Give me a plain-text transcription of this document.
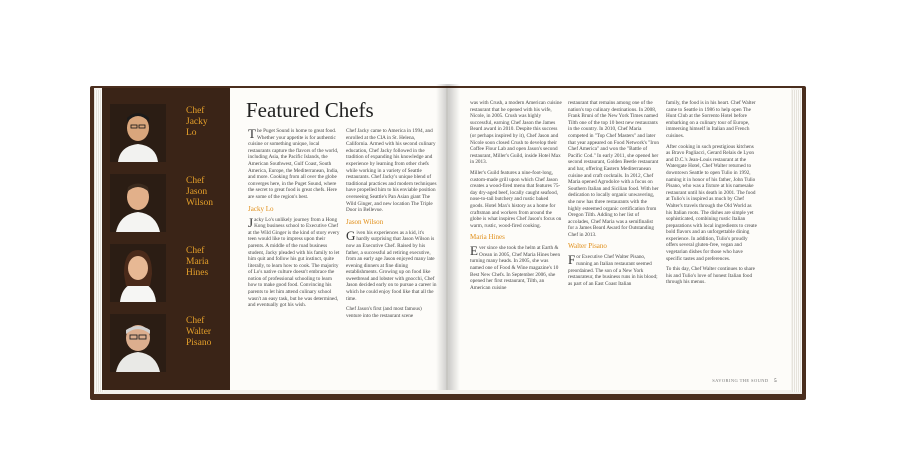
Chef
Jacky
Lo
Chef
Jason
Wilson
Chef
Maria
Hines
Chef
Walter
Pisano
Featured Chefs

The Puget Sound is home to great food. Whether your appetite is for authentic cuisine or something unique, local restaurants capture the flavors of the world, including Asia, the Pacific Islands, the American Southwest, Gulf Coast, South America, Europe, the Mediterranean, India, and more. Cooking from all over the globe converges here, in the Puget Sound, where the secret to great food is great chefs. Here are some of the region's best.

Jacky Lo

Jacky Lo's unlikely journey from a Hong Kong business school to Executive Chef at the Wild Ginger is the kind of story every teen would like to impress upon their parents. A middle of the road business student, Jacky pleaded with his family to let him quit and follow his gut instinct, quite literally, to learn how to cook. The majority of Lo's native culture doesn't embrace the notion of professional schooling to learn how to make good food. Convincing his parents to let him attend culinary school wasn't an easy task, but he was determined, and eventually got his wish.

Chef Jacky came to America in 1994, and enrolled at the CIA in St. Helena, California. Armed with his second culinary education, Chef Jacky followed in the tradition of expanding his knowledge and experience by learning from other chefs while working in a variety of Seattle restaurants. Chef Jacky's unique blend of traditional practices and modern techniques have propelled him to his enviable position overseeing Seattle's Pan Asian giant The Wild Ginger, and new location The Triple Door in Bellevue.

Jason Wilson

Given his experiences as a kid, it's hardly surprising that Jason Wilson is now an Executive Chef. Raised by his father, a successful ad retiring executive, from an early age Jason enjoyed many late evening dinners at fine dining establishments. Growing up on food like sweetbread and lobster with gnocchi, Chef Jason decided early on to pursue a career in which he could enjoy food like that all the time.

Chef Jason's first (and most famous) venture into the restaurant scene

was with Crush, a modern American cuisine restaurant that he opened with his wife, Nicole, in 2005. Crush was highly successful, earning Chef Jason the James Beard award in 2010. Despite this success (or perhaps inspired by it), Chef Jason and Nicole soon closed Crush to develop their Coffee Flour Lab and open Jason's second restaurant, Miller's Guild, inside Hotel Max in 2013.

Miller's Guild features a nine-foot-long, custom-made grill upon which Chef Jason creates a wood-fired menu that features 75-day dry-aged beef, locally caught seafood, nose-to-tail butchery and rustic baked goods. Hotel Max's history as a home for craftsman and workers from around the globe is what inspires Chef Jason's focus on warm, rustic, wood-fired cooking.

Maria Hines

Ever since she took the helm at Earth & Ocean in 2005, Chef Maria Hines been turning many heads. In 2005, she was named one of Food & Wine magazine's 10 Best New Chefs. In September 2006, she opened her first restaurant, Tilth, an American cuisine

restaurant that remains among one of the nation's top culinary destinations. In 2008, Frank Bruni of the New York Times named Tilth one of the top 10 best new restaurants in the country. In 2010, Chef Maria competed in "Top Chef Masters" and later that year appeared on Food Network's "Iron Chef America" and won the "Battle of Pacific Cod." In early 2011, she opened her second restaurant, Golden Beetle restaurant and bar, offering Eastern Mediterranean cuisine and craft cocktails. In 2012, Chef Maria opened Agrodolce with a focus on Southern Italian and Sicilian food. With her dedication to locally organic unwavering, she now has three restaurants with the highly esteemed organic certification from Oregon Tilth. Adding to her list of accolades, Chef Maria was a semifinalist for a James Beard Award for Outstanding Chef in 2013.

Walter Pisano

For Executive Chef Walter Pisano, running an Italian restaurant seemed preordained. The son of a New York restaurateur, the business runs in his blood; as part of an East Coast Italian

family, the food is in his heart. Chef Walter came to Seattle in 1986 to help open The Hunt Club at the Sorrento Hotel before embarking on a culinary tour of Europe, immersing himself in Italian and French cuisines.

After cooking in such prestigious kitchens as Bravo Pagliacci, Gerard Relais de Lyon and D.C.'s Jean-Louis restaurant at the Watergate Hotel, Chef Walter returned to downtown Seattle to open Tulio in 1992, naming it in honor of his father, John Tulio Pisano, who was a fixture at his namesake restaurant until his death in 2001. The food at Tulio's is inspired as much by Chef Walter's travels through the Old World as his Italian roots. The dishes are simple yet sophisticated, combining rustic Italian preparations with local ingredients to create bold flavors and an unforgettable dining experience. In addition, Tulio's proudly offers several gluten-free, vegan and vegetarian dishes for those who have specific tastes and preferences.

To this day, Chef Walter continues to share his and Tulio's love of honest Italian food through his menus.

SAVORING THE SOUND 5
